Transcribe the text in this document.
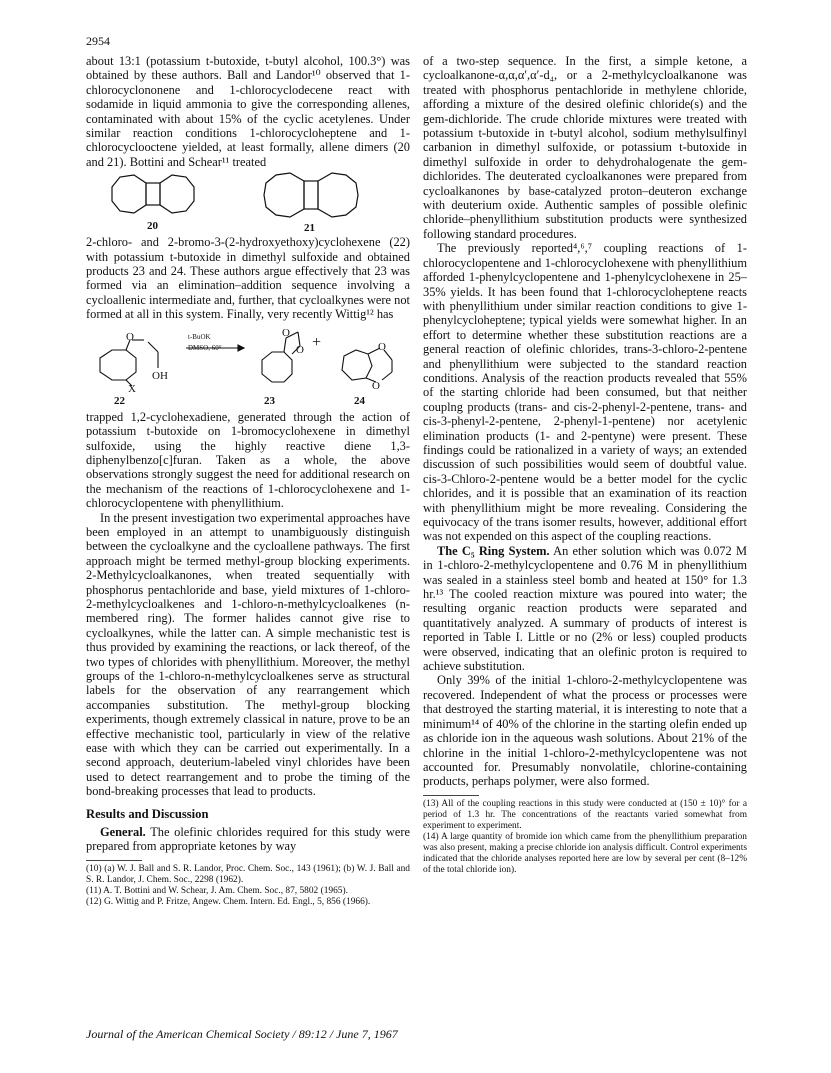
2954

about 13:1 (potassium t-butoxide, t-butyl alcohol, 100.3°) was obtained by these authors. Ball and Landor¹⁰ observed that 1-chlorocyclononene and 1-chlorocyclodecene react with sodamide in liquid ammonia to give the corresponding allenes, contaminated with about 15% of the cyclic acetylenes. Under similar reaction conditions 1-chlorocycloheptene and 1-chlorocyclooctene yielded, at least formally, allene dimers (20 and 21). Bottini and Schear¹¹ treated

20	21

2-chloro- and 2-bromo-3-(2-hydroxyethoxy)cyclohexene (22) with potassium t-butoxide in dimethyl sulfoxide and obtained products 23 and 24. These authors argue effectively that 23 was formed via an elimination–addition sequence involving a cycloallenic intermediate and, further, that cycloalkynes were not formed at all in this system. Finally, very recently Wittig¹² has

t-BuOK
DMSO, 60°
O
X
OH
O
O +	O
O
22	23	24

trapped 1,2-cyclohexadiene, generated through the action of potassium t-butoxide on 1-bromocyclohexene in dimethyl sulfoxide, using the highly reactive diene 1,3-diphenylbenzo[c]furan. Taken as a whole, the above observations strongly suggest the need for additional research on the mechanism of the reactions of 1-chlorocyclohexene and 1-chlorocyclopentene with phenyllithium.

In the present investigation two experimental approaches have been employed in an attempt to unambiguously distinguish between the cycloalkyne and the cycloallene pathways. The first approach might be termed methyl-group blocking experiments. 2-Methylcycloalkanones, when treated sequentially with phosphorus pentachloride and base, yield mixtures of 1-chloro-2-methylcycloalkenes and 1-chloro-n-methylcycloalkenes (n-membered ring). The former halides cannot give rise to cycloalkynes, while the latter can. A simple mechanistic test is thus provided by examining the reactions, or lack thereof, of the two types of chlorides with phenyllithium. Moreover, the methyl groups of the 1-chloro-n-methylcycloalkenes serve as structural labels for the observation of any rearrangement which accompanies substitution. The methyl-group blocking experiments, though extremely classical in nature, prove to be an effective mechanistic tool, particularly in view of the relative ease with which they can be carried out experimentally. In a second approach, deuterium-labeled vinyl chlorides have been used to detect rearrangement and to probe the timing of the bond-breaking processes that lead to products.

Results and Discussion

General. The olefinic chlorides required for this study were prepared from appropriate ketones by way

(10) (a) W. J. Ball and S. R. Landor, Proc. Chem. Soc., 143 (1961); (b) W. J. Ball and S. R. Landor, J. Chem. Soc., 2298 (1962).

(11) A. T. Bottini and W. Schear, J. Am. Chem. Soc., 87, 5802 (1965).

(12) G. Wittig and P. Fritze, Angew. Chem. Intern. Ed. Engl., 5, 856 (1966).

of a two-step sequence. In the first, a simple ketone, a cycloalkanone-α,α,α′,α′-d₄, or a 2-methylcycloalkanone was treated with phosphorus pentachloride in methylene chloride, affording a mixture of the desired olefinic chloride(s) and the gem-dichloride. The crude chloride mixtures were treated with potassium t-butoxide in t-butyl alcohol, sodium methylsulfinyl carbanion in dimethyl sulfoxide, or potassium t-butoxide in dimethyl sulfoxide in order to dehydrohalogenate the gem-dichlorides. The deuterated cycloalkanones were prepared from cycloalkanones by base-catalyzed proton–deuteron exchange with deuterium oxide. Authentic samples of possible olefinic chloride–phenyllithium substitution products were synthesized following standard procedures.

The previously reported⁴,⁶,⁷ coupling reactions of 1-chlorocyclopentene and 1-chlorocyclohexene with phenyllithium afforded 1-phenylcyclopentene and 1-phenylcyclohexene in 25–35% yields. It has been found that 1-chlorocycloheptene reacts with phenyllithium under similar reaction conditions to give 1-phenylcycloheptene; typical yields were somewhat higher. In an effort to determine whether these substitution reactions are a general reaction of olefinic chlorides, trans-3-chloro-2-pentene and phenyllithium were subjected to the standard reaction conditions. Analysis of the reaction products revealed that 55% of the starting chloride had been consumed, but that neither couplng products (trans- and cis-2-phenyl-2-pentene, trans- and cis-3-phenyl-2-pentene, 2-phenyl-1-pentene) nor acetylenic elimination products (1- and 2-pentyne) were present. These findings could be rationalized in a variety of ways; an extended discussion of such possibilities would seem of doubtful value. cis-3-Chloro-2-pentene would be a better model for the cyclic chlorides, and it is possible that an examination of its reaction with phenyllithium might be more revealing. Considering the equivocacy of the trans isomer results, however, additional effort was not expended on this aspect of the coupling reactions.

The C₅ Ring System. An ether solution which was 0.072 M in 1-chloro-2-methylcyclopentene and 0.76 M in phenyllithium was sealed in a stainless steel bomb and heated at 150° for 1.3 hr.¹³ The cooled reaction mixture was poured into water; the resulting organic reaction products were separated and quantitatively analyzed. A summary of products of interest is reported in Table I. Little or no (2% or less) coupled products were observed, indicating that an olefinic proton is required to achieve substitution.

Only 39% of the initial 1-chloro-2-methylcyclopentene was recovered. Independent of what the process or processes were that destroyed the starting material, it is interesting to note that a minimum¹⁴ of 40% of the chlorine in the starting olefin ended up as chloride ion in the aqueous wash solutions. About 21% of the chlorine in the initial 1-chloro-2-methylcyclopentene was not accounted for. Presumably nonvolatile, chlorine-containing products, perhaps polymer, were also formed.

(13) All of the coupling reactions in this study were conducted at (150 ± 10)° for a period of 1.3 hr. The concentrations of the reactants varied somewhat from experiment to experiment.

(14) A large quantity of bromide ion which came from the phenyllithium preparation was also present, making a precise chloride ion analysis difficult. Control experiments indicated that the chloride analyses reported here are low by several per cent (8–12% of the total chloride ion).

Journal of the American Chemical Society / 89:12 / June 7, 1967
